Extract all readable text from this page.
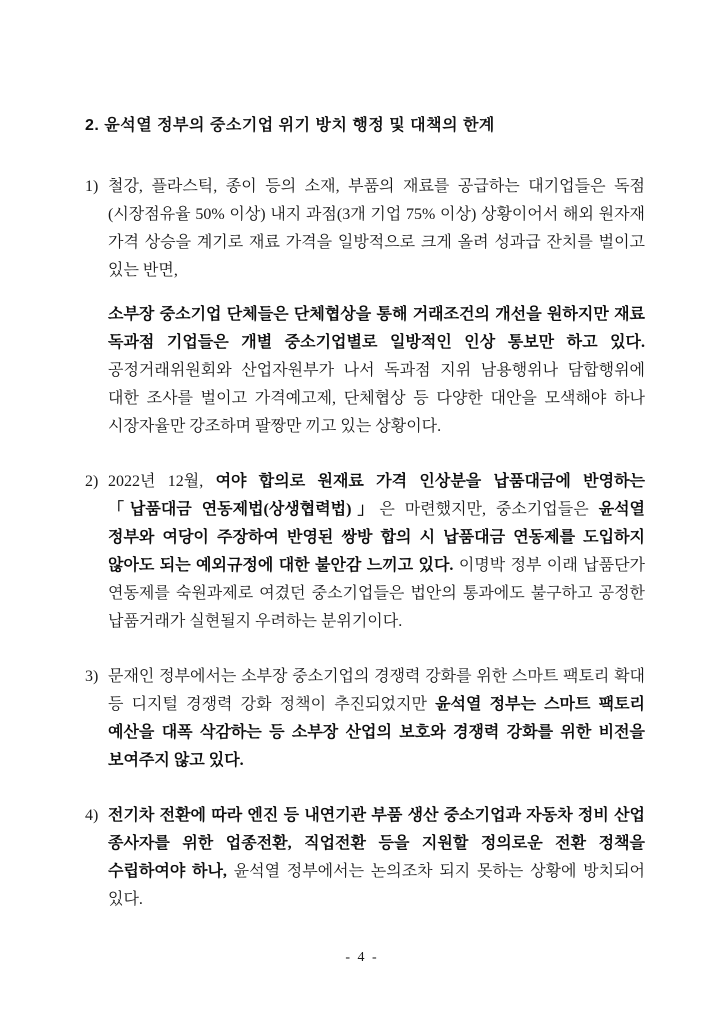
2. 윤석열 정부의 중소기업 위기 방치 행정 및 대책의 한계
1) 철강, 플라스틱, 종이 등의 소재, 부품의 재료를 공급하는 대기업들은 독점(시장점유율 50% 이상) 내지 과점(3개 기업 75% 이상) 상황이어서 해외 원자재 가격 상승을 계기로 재료 가격을 일방적으로 크게 올려 성과급 잔치를 벌이고 있는 반면,

소부장 중소기업 단체들은 단체협상을 통해 거래조건의 개선을 원하지만 재료 독과점 기업들은 개별 중소기업별로 일방적인 인상 통보만 하고 있다. 공정거래위원회와 산업자원부가 나서 독과점 지위 남용행위나 담합행위에 대한 조사를 벌이고 가격예고제, 단체협상 등 다양한 대안을 모색해야 하나 시장자율만 강조하며 팔짱만 끼고 있는 상황이다.

2) 2022년 12월, 여야 합의로 원재료 가격 인상분을 납품대금에 반영하는 「납품대금 연동제법(상생협력법)」은 마련했지만, 중소기업들은 윤석열 정부와 여당이 주장하여 반영된 쌍방 합의 시 납품대금 연동제를 도입하지 않아도 되는 예외규정에 대한 불안감 느끼고 있다. 이명박 정부 이래 납품단가 연동제를 숙원과제로 여겼던 중소기업들은 법안의 통과에도 불구하고 공정한 납품거래가 실현될지 우려하는 분위기이다.

3) 문재인 정부에서는 소부장 중소기업의 경쟁력 강화를 위한 스마트 팩토리 확대 등 디지털 경쟁력 강화 정책이 추진되었지만 윤석열 정부는 스마트 팩토리 예산을 대폭 삭감하는 등 소부장 산업의 보호와 경쟁력 강화를 위한 비전을 보여주지 않고 있다.

4) 전기차 전환에 따라 엔진 등 내연기관 부품 생산 중소기업과 자동차 정비 산업 종사자를 위한 업종전환, 직업전환 등을 지원할 정의로운 전환 정책을 수립하여야 하나, 윤석열 정부에서는 논의조차 되지 못하는 상황에 방치되어 있다.

- 4 -
